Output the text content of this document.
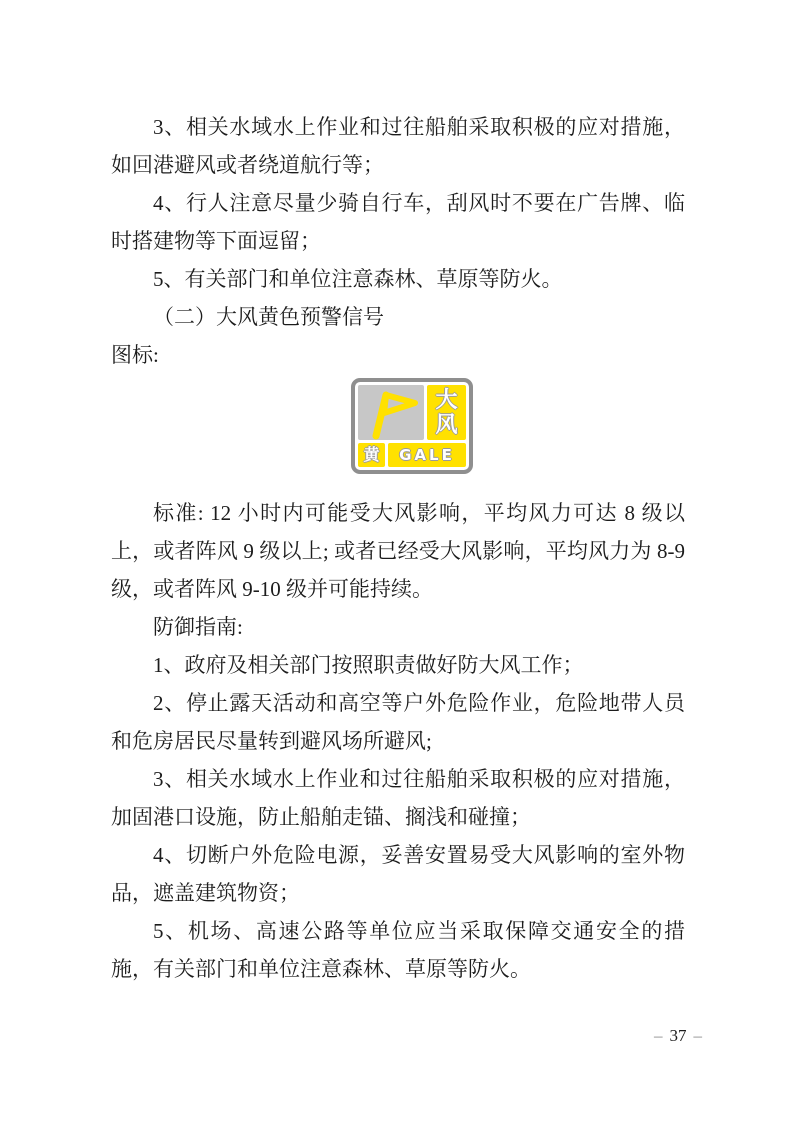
3、相关水域水上作业和过往船舶采取积极的应对措施，如回港避风或者绕道航行等；

4、行人注意尽量少骑自行车，刮风时不要在广告牌、临时搭建物等下面逗留；

5、有关部门和单位注意森林、草原等防火。

（二）大风黄色预警信号

图标:

大
风
黄 GALE

标准: 12 小时内可能受大风影响，平均风力可达 8 级以上，或者阵风 9 级以上; 或者已经受大风影响，平均风力为 8-9 级，或者阵风 9-10 级并可能持续。

防御指南:

1、政府及相关部门按照职责做好防大风工作；

2、停止露天活动和高空等户外危险作业，危险地带人员和危房居民尽量转到避风场所避风;

3、相关水域水上作业和过往船舶采取积极的应对措施，加固港口设施，防止船舶走锚、搁浅和碰撞；

4、切断户外危险电源，妥善安置易受大风影响的室外物品，遮盖建筑物资；

5、机场、高速公路等单位应当采取保障交通安全的措施，有关部门和单位注意森林、草原等防火。

– 37 –
